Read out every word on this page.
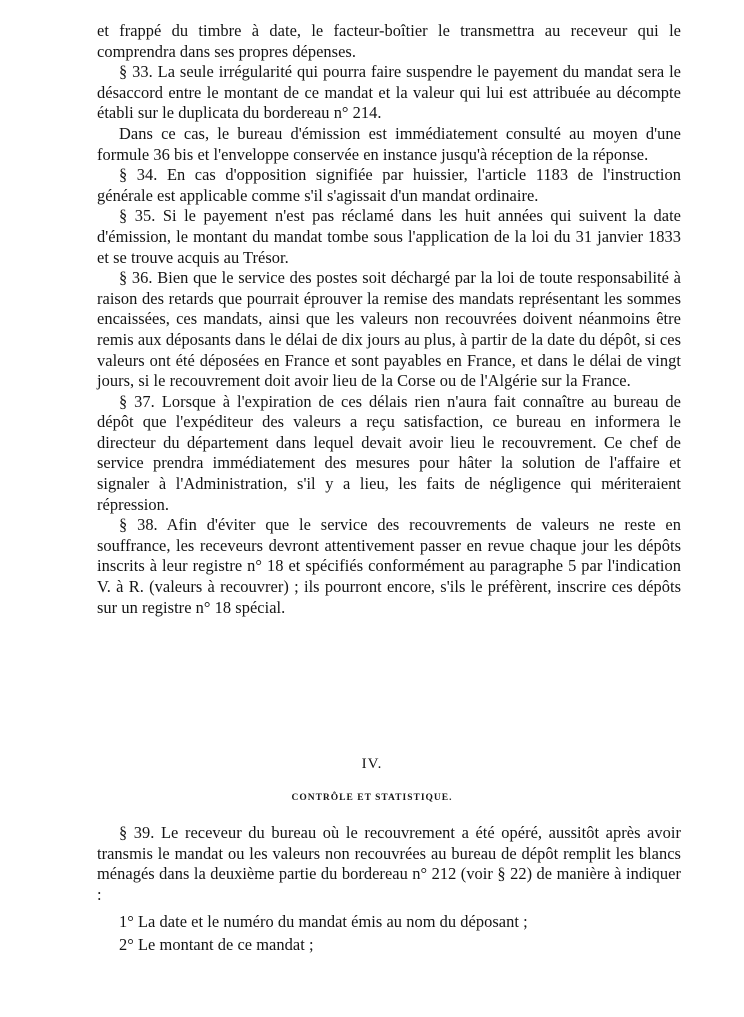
et frappé du timbre à date, le facteur-boîtier le transmettra au receveur qui le comprendra dans ses propres dépenses.

§ 33. La seule irrégularité qui pourra faire suspendre le payement du mandat sera le désaccord entre le montant de ce mandat et la valeur qui lui est attribuée au décompte établi sur le duplicata du bordereau n° 214.

Dans ce cas, le bureau d'émission est immédiatement consulté au moyen d'une formule 36 bis et l'enveloppe conservée en instance jusqu'à réception de la réponse.

§ 34. En cas d'opposition signifiée par huissier, l'article 1183 de l'instruction générale est applicable comme s'il s'agissait d'un mandat ordinaire.

§ 35. Si le payement n'est pas réclamé dans les huit années qui suivent la date d'émission, le montant du mandat tombe sous l'application de la loi du 31 janvier 1833 et se trouve acquis au Trésor.

§ 36. Bien que le service des postes soit déchargé par la loi de toute responsabilité à raison des retards que pourrait éprouver la remise des mandats représentant les sommes encaissées, ces mandats, ainsi que les valeurs non recouvrées doivent néanmoins être remis aux déposants dans le délai de dix jours au plus, à partir de la date du dépôt, si ces valeurs ont été déposées en France et sont payables en France, et dans le délai de vingt jours, si le recouvrement doit avoir lieu de la Corse ou de l'Algérie sur la France.

§ 37. Lorsque à l'expiration de ces délais rien n'aura fait connaître au bureau de dépôt que l'expéditeur des valeurs a reçu satisfaction, ce bureau en informera le directeur du département dans lequel devait avoir lieu le recouvrement. Ce chef de service prendra immédiatement des mesures pour hâter la solution de l'affaire et signaler à l'Administration, s'il y a lieu, les faits de négligence qui mériteraient répression.

§ 38. Afin d'éviter que le service des recouvrements de valeurs ne reste en souffrance, les receveurs devront attentivement passer en revue chaque jour les dépôts inscrits à leur registre n° 18 et spécifiés conformément au paragraphe 5 par l'indication V. à R. (valeurs à recouvrer) ; ils pourront encore, s'ils le préfèrent, inscrire ces dépôts sur un registre n° 18 spécial.

IV.
CONTRÔLE ET STATISTIQUE.

§ 39. Le receveur du bureau où le recouvrement a été opéré, aussitôt après avoir transmis le mandat ou les valeurs non recouvrées au bureau de dépôt remplit les blancs ménagés dans la deuxième partie du bordereau n° 212 (voir § 22) de manière à indiquer :

1° La date et le numéro du mandat émis au nom du déposant ;

2° Le montant de ce mandat ;
